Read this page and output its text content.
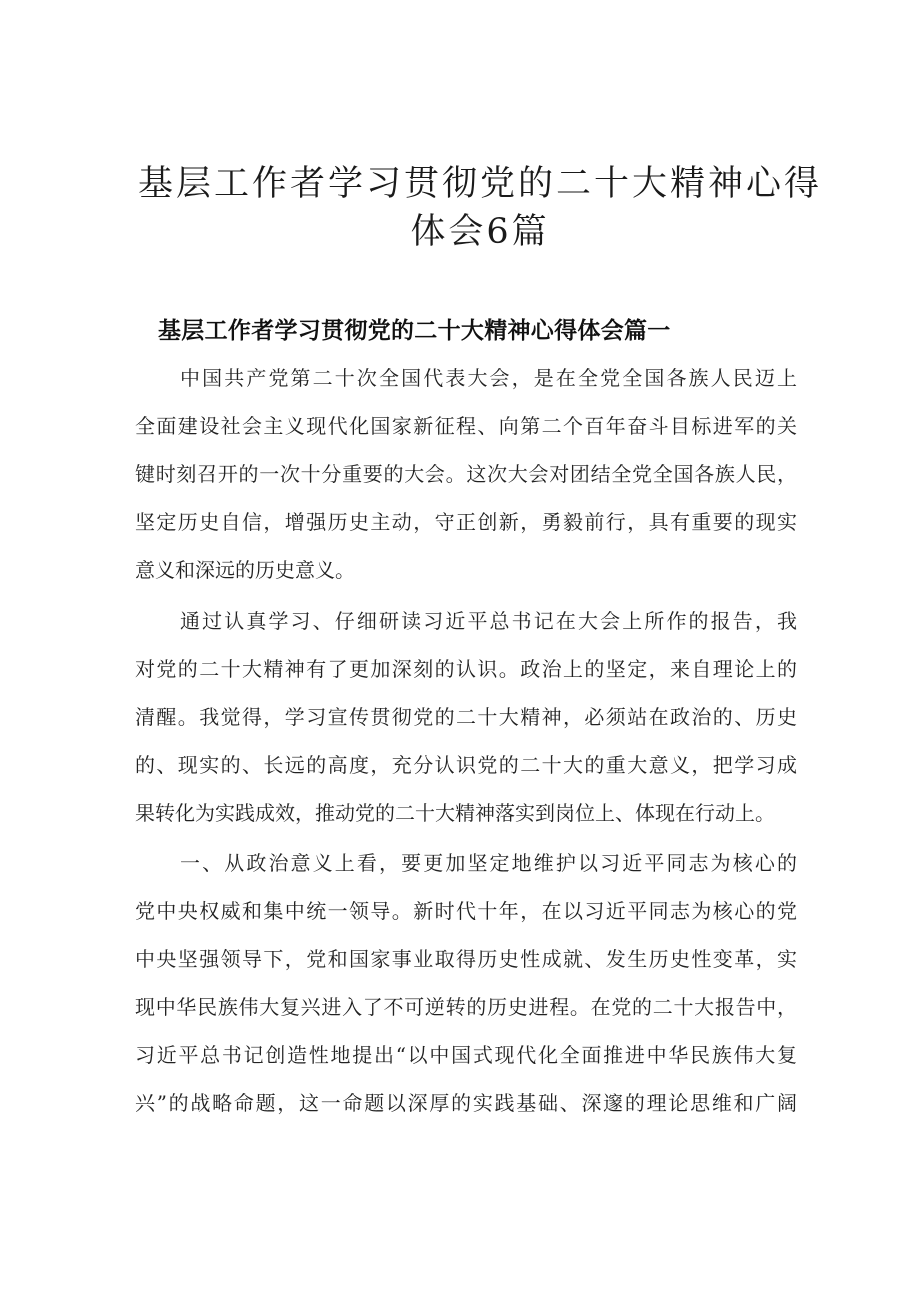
基层工作者学习贯彻党的二十大精神心得
体会6篇
基层工作者学习贯彻党的二十大精神心得体会篇一
中国共产党第二十次全国代表大会，是在全党全国各族人民迈上
全面建设社会主义现代化国家新征程、向第二个百年奋斗目标进军的关
键时刻召开的一次十分重要的大会。这次大会对团结全党全国各族人民，
坚定历史自信，增强历史主动，守正创新，勇毅前行，具有重要的现实
意义和深远的历史意义。
通过认真学习、仔细研读习近平总书记在大会上所作的报告，我
对党的二十大精神有了更加深刻的认识。政治上的坚定，来自理论上的
清醒。我觉得，学习宣传贯彻党的二十大精神，必须站在政治的、历史
的、现实的、长远的高度，充分认识党的二十大的重大意义，把学习成
果转化为实践成效，推动党的二十大精神落实到岗位上、体现在行动上。
一、从政治意义上看，要更加坚定地维护以习近平同志为核心的
党中央权威和集中统一领导。新时代十年，在以习近平同志为核心的党
中央坚强领导下，党和国家事业取得历史性成就、发生历史性变革，实
现中华民族伟大复兴进入了不可逆转的历史进程。在党的二十大报告中，
习近平总书记创造性地提出“以中国式现代化全面推进中华民族伟大复
兴”的战略命题，这一命题以深厚的实践基础、深邃的理论思维和广阔
